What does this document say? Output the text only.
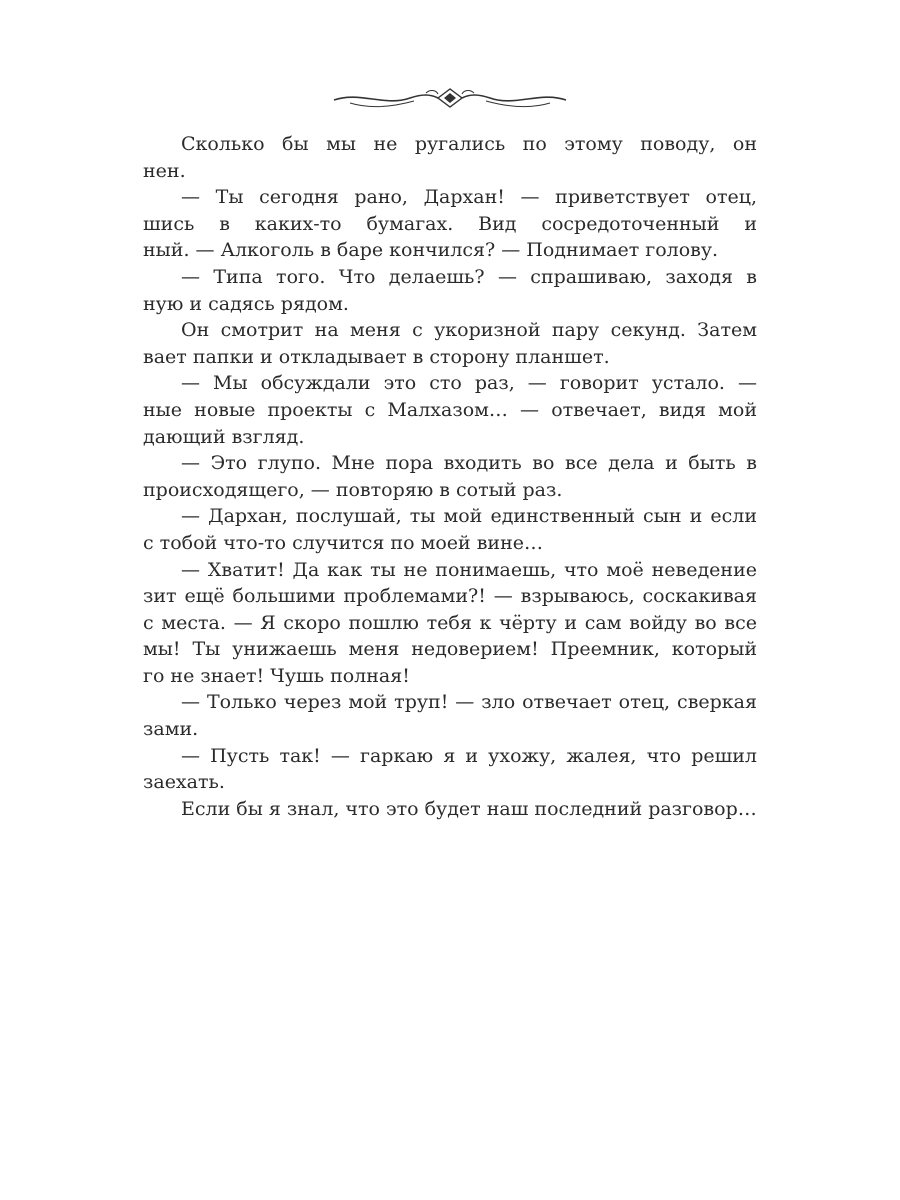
Сколько бы мы не ругались по этому поводу, он
нен.
— Ты сегодня рано, Дархан! — приветствует отец,
шись в каких-то бумагах. Вид сосредоточенный и
ный. — Алкоголь в баре кончился? — Поднимает голову.
— Типа того. Что делаешь? — спрашиваю, заходя в
ную и садясь рядом.
Он смотрит на меня с укоризной пару секунд. Затем
вает папки и откладывает в сторону планшет.
— Мы обсуждали это сто раз, — говорит устало. —
ные новые проекты с Малхазом… — отвечает, видя мой
дающий взгляд.
— Это глупо. Мне пора входить во все дела и быть в
происходящего, — повторяю в сотый раз.
— Дархан, послушай, ты мой единственный сын и если
с тобой что-то случится по моей вине…
— Хватит! Да как ты не понимаешь, что моё неведение
зит ещё большими проблемами?! — взрываюсь, соскакивая
с места. — Я скоро пошлю тебя к чёрту и сам войду во все
мы! Ты унижаешь меня недоверием! Преемник, который
го не знает! Чушь полная!
— Только через мой труп! — зло отвечает отец, сверкая
зами.
— Пусть так! — гаркаю я и ухожу, жалея, что решил
заехать.
Если бы я знал, что это будет наш последний разговор…
